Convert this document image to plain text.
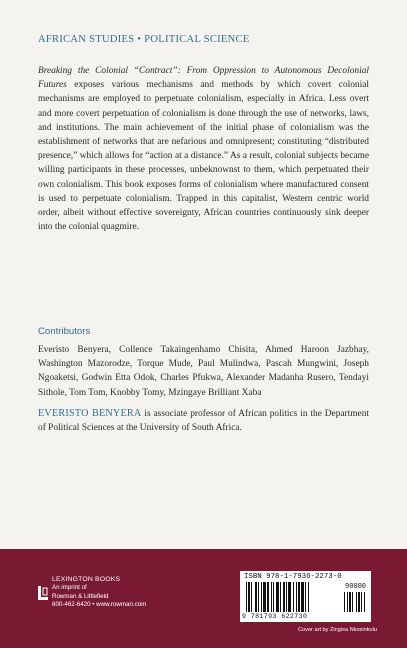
AFRICAN STUDIES • POLITICAL SCIENCE

Breaking the Colonial “Contract”: From Oppression to Autonomous Decolonial Futures exposes various mechanisms and methods by which covert colonial mechanisms are employed to perpetuate colonialism, especially in Africa. Less overt and more covert perpetuation of colonialism is done through the use of networks, laws, and institutions. The main achievement of the initial phase of colonialism was the establishment of networks that are nefarious and omnipresent; constituting “distributed presence,” which allows for “action at a distance.” As a result, colonial subjects became willing participants in these processes, unbeknownst to them, which perpetuated their own colonialism. This book exposes forms of colonialism where manufactured consent is used to perpetuate colonialism. Trapped in this capitalist, Western centric world order, albeit without effective sovereignty, African countries continuously sink deeper into the colonial quagmire.

Contributors

Everisto Benyera, Collence Takaingenhamo Chisita, Ahmed Haroon Jazbhay, Washington Mazorodze, Torque Mude, Paul Mulindwa, Pascah Mungwini, Joseph Ngoaketsi, Godwin Etta Odok, Charles Pfukwa, Alexander Madanha Rusero, Tendayi Sithole, Tom Tom, Knobby Tomy, Mzingaye Brilliant Xaba

EVERISTO BENYERA is associate professor of African politics in the Department of Political Sciences at the University of South Africa.

LEXINGTON BOOKS
An imprint of
Rowman & Littlefield
800-462-6420 • www.rowman.com
ISBN 978-1-7936-2273-0
90000
9 781793 622730
Cover art by Zingisa Nkosinkulu
